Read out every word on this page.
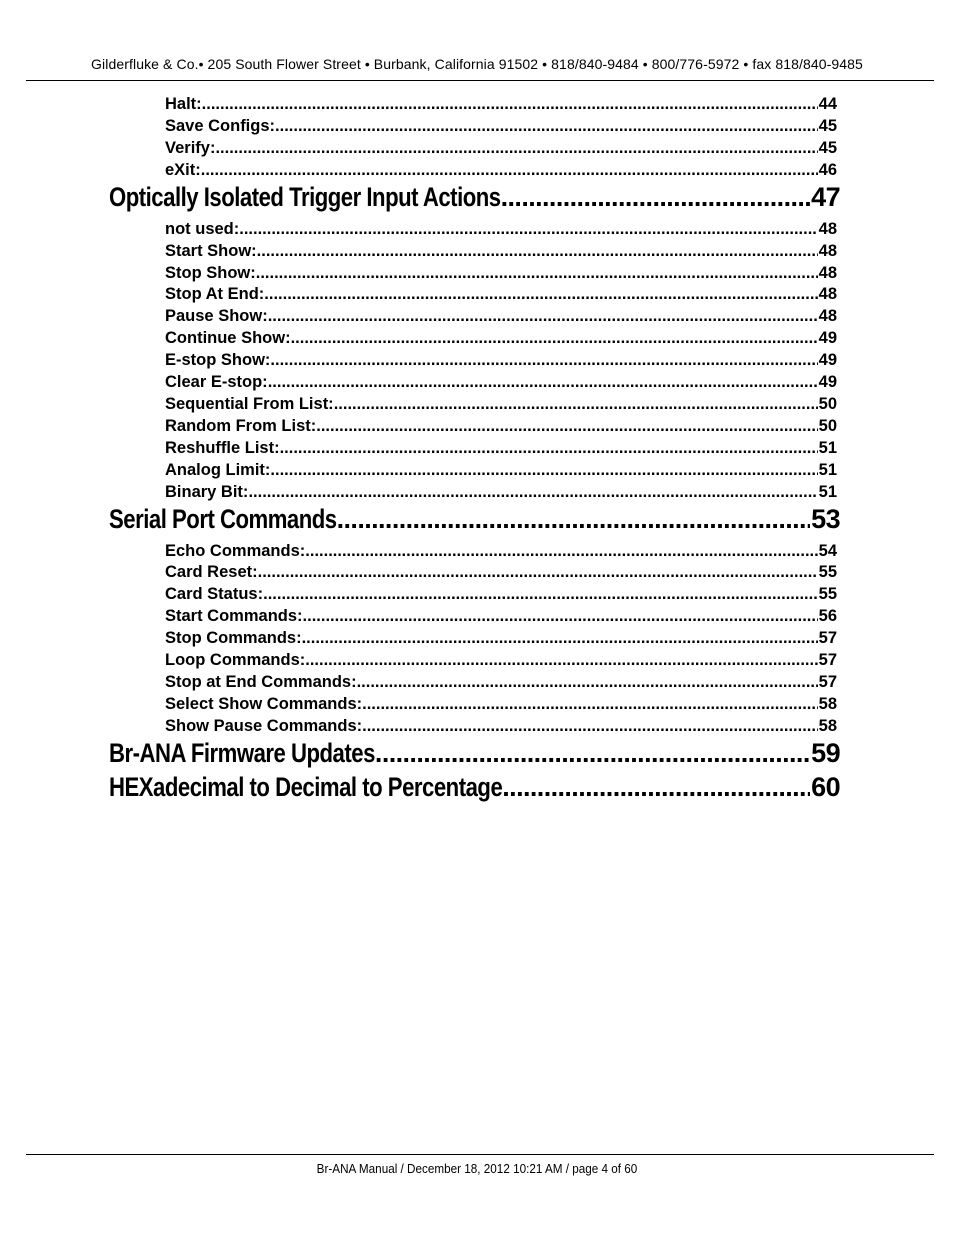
Gilderfluke & Co.• 205 South Flower Street • Burbank, California 91502 • 818/840-9484 • 800/776-5972 • fax 818/840-9485
Halt: .....	44
Save Configs: .....	45
Verify: .....	45
eXit: .....	46
Optically Isolated Trigger Input Actions .....	47
not used: .....	48
Start Show: .....	48
Stop Show: .....	48
Stop At End: .....	48
Pause Show: .....	48
Continue Show: .....	49
E-stop Show: .....	49
Clear E-stop: .....	49
Sequential From List: .....	50
Random From List: .....	50
Reshuffle List: .....	51
Analog Limit: .....	51
Binary Bit: .....	51
Serial Port Commands .....	53
Echo Commands: .....	54
Card Reset: .....	55
Card Status: .....	55
Start Commands: .....	56
Stop Commands: .....	57
Loop Commands: .....	57
Stop at End Commands: .....	57
Select Show Commands: .....	58
Show Pause Commands: .....	58
Br-ANA Firmware Updates .....	59
HEXadecimal to Decimal to Percentage .....	60
Br-ANA Manual / December 18, 2012 10:21 AM / page 4 of 60
